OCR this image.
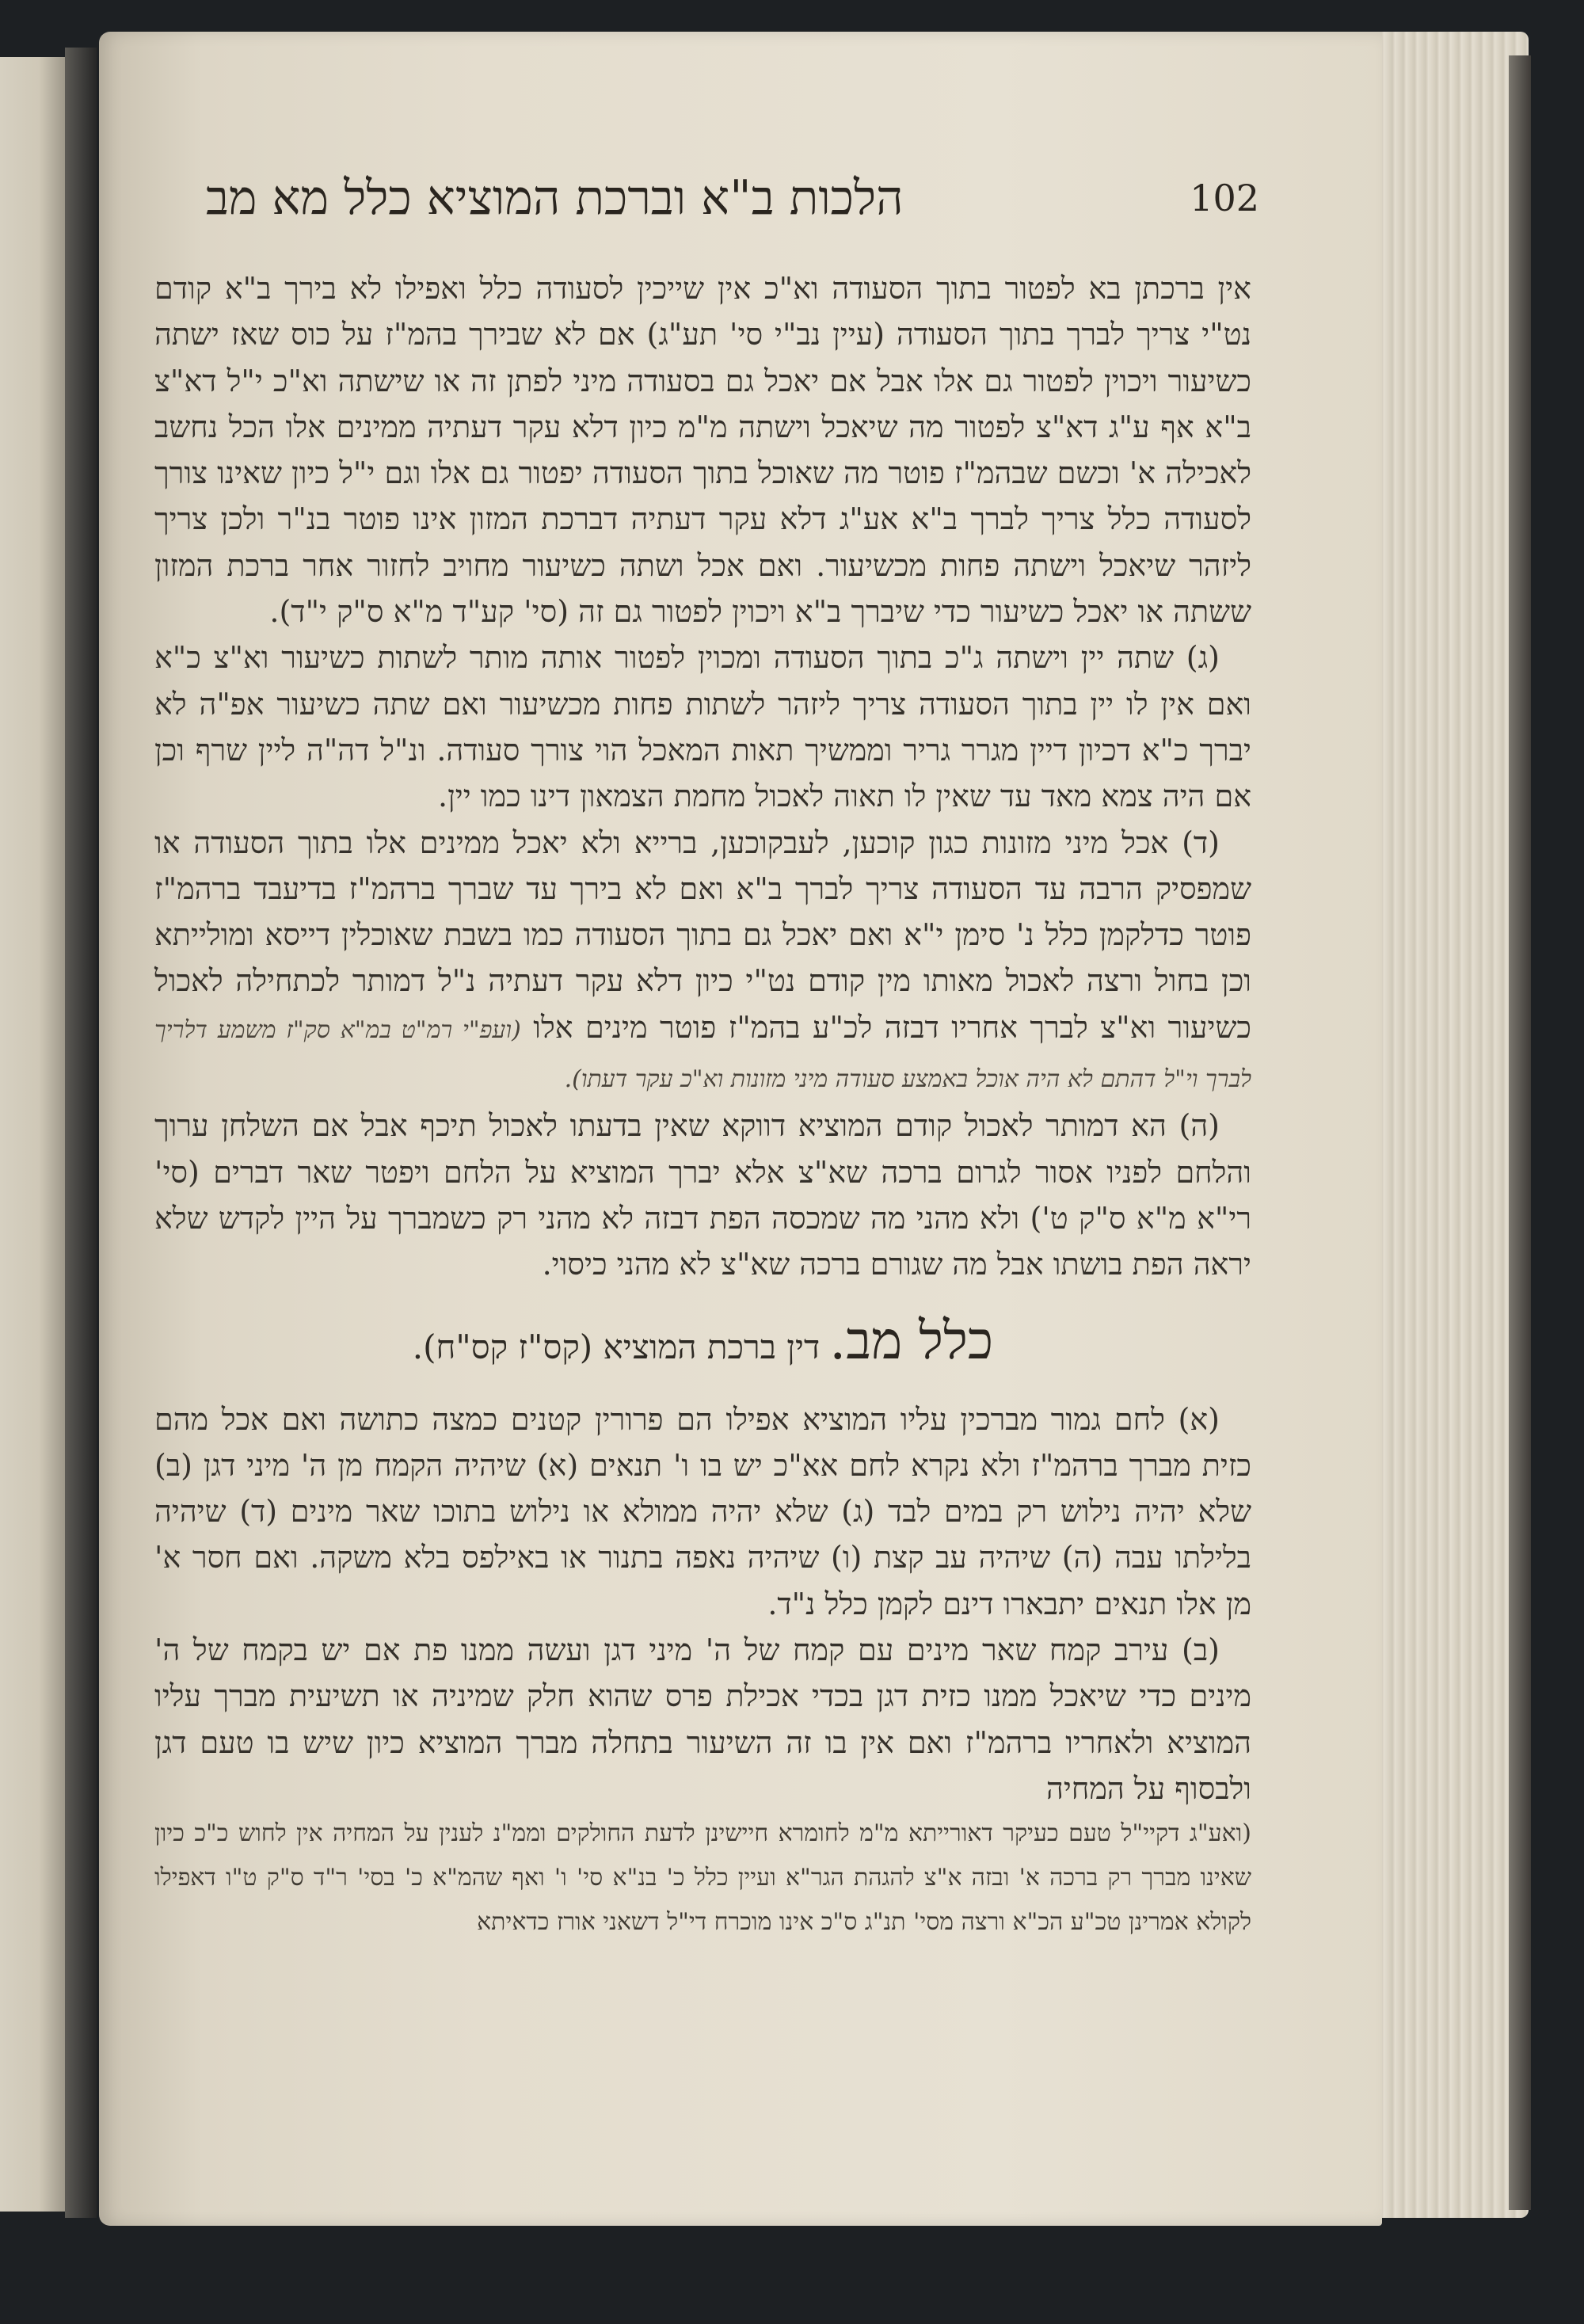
102
הלכות ב"א וברכת המוציא כלל מא מב

אין ברכתן בא לפטור בתוך הסעודה וא"כ אין שייכין לסעודה כלל ואפילו לא בירך ב"א קודם נט"י צריך לברך בתוך הסעודה (עיין נב"י סי' תע"ג) אם לא שבירך בהמ"ז על כוס שאז ישתה כשיעור ויכוין לפטור גם אלו אבל אם יאכל גם בסעודה מיני לפתן זה או שישתה וא"כ י"ל דא"צ ב"א אף ע"ג דא"צ לפטור מה שיאכל וישתה מ"מ כיון דלא עקר דעתיה ממינים אלו הכל נחשב לאכילה א' וכשם שבהמ"ז פוטר מה שאוכל בתוך הסעודה יפטור גם אלו וגם י"ל כיון שאינו צורך לסעודה כלל צריך לברך ב"א אע"ג דלא עקר דעתיה דברכת המזון אינו פוטר בנ"ר ולכן צריך ליזהר שיאכל וישתה פחות מכשיעור. ואם אכל ושתה כשיעור מחויב לחזור אחר ברכת המזון ששתה או יאכל כשיעור כדי שיברך ב"א ויכוין לפטור גם זה (סי' קע"ד מ"א ס"ק י"ד).

(ג) שתה יין וישתה ג"כ בתוך הסעודה ומכוין לפטור אותה מותר לשתות כשיעור וא"צ כ"א ואם אין לו יין בתוך הסעודה צריך ליזהר לשתות פחות מכשיעור ואם שתה כשיעור אפ"ה לא יברך כ"א דכיון דיין מגרר גריר וממשיך תאות המאכל הוי צורך סעודה. ונ"ל דה"ה ליין שרף וכן אם היה צמא מאד עד שאין לו תאוה לאכול מחמת הצמאון דינו כמו יין.

(ד) אכל מיני מזונות כגון קוכען, לעבקוכען, ברייא ולא יאכל ממינים אלו בתוך הסעודה או שמפסיק הרבה עד הסעודה צריך לברך ב"א ואם לא בירך עד שברך ברהמ"ז בדיעבד ברהמ"ז פוטר כדלקמן כלל נ' סימן י"א ואם יאכל גם בתוך הסעודה כמו בשבת שאוכלין דייסא ומולייתא וכן בחול ורצה לאכול מאותו מין קודם נט"י כיון דלא עקר דעתיה נ"ל דמותר לכתחילה לאכול כשיעור וא"צ לברך אחריו דבזה לכ"ע בהמ"ז פוטר מינים אלו (ועפ"י רמ"ט במ"א סק"ז משמע דלריך לברך וי"ל דהתם לא היה אוכל באמצע סעודה מיני מזונות וא"כ עקר דעתו).

(ה) הא דמותר לאכול קודם המוציא דווקא שאין בדעתו לאכול תיכף אבל אם השלחן ערוך והלחם לפניו אסור לגרום ברכה שא"צ אלא יברך המוציא על הלחם ויפטר שאר דברים (סי' רי"א מ"א ס"ק ט') ולא מהני מה שמכסה הפת דבזה לא מהני רק כשמברך על היין לקדש שלא יראה הפת בושתו אבל מה שגורם ברכה שא"צ לא מהני כיסוי.

כלל מב. דין ברכת המוציא (קס"ז קס"ח).

(א) לחם גמור מברכין עליו המוציא אפילו הם פרורין קטנים כמצה כתושה ואם אכל מהם כזית מברך ברהמ"ז ולא נקרא לחם אא"כ יש בו ו' תנאים (א) שיהיה הקמח מן ה' מיני דגן (ב) שלא יהיה נילוש רק במים לבד (ג) שלא יהיה ממולא או נילוש בתוכו שאר מינים (ד) שיהיה בלילתו עבה (ה) שיהיה עב קצת (ו) שיהיה נאפה בתנור או באילפס בלא משקה. ואם חסר א' מן אלו תנאים יתבארו דינם לקמן כלל נ"ד.

(ב) עירב קמח שאר מינים עם קמח של ה' מיני דגן ועשה ממנו פת אם יש בקמח של ה' מינים כדי שיאכל ממנו כזית דגן בכדי אכילת פרס שהוא חלק שמיניה או תשיעית מברך עליו המוציא ולאחריו ברהמ"ז ואם אין בו זה השיעור בתחלה מברך המוציא כיון שיש בו טעם דגן ולבסוף על המחיה

(ואע"ג דקיי"ל טעם כעיקר דאורייתא מ"מ לחומרא חיישינן לדעת החולקים וממ"נ לענין על המחיה אין לחוש כ"כ כיון שאינו מברך רק ברכה א' ובזה א"צ להגהת הגר"א ועיין כלל כ' בנ"א סי' ו' ואף שהמ"א כ' בסי' ר"ד ס"ק ט"ו דאפילו לקולא אמרינן טכ"ע הכ"א ורצה מסי' תנ"ג ס"כ אינו מוכרח די"ל דשאני אורז כדאיתא
